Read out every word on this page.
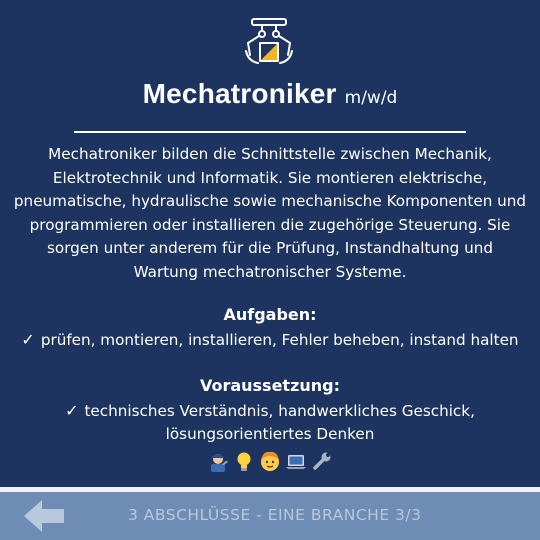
Mechatroniker m/w/d
Mechatroniker bilden die Schnittstelle zwischen Mechanik,
Elektrotechnik und Informatik. Sie montieren elektrische,
pneumatische, hydraulische sowie mechanische Komponenten und
programmieren oder installieren die zugehörige Steuerung. Sie
sorgen unter anderem für die Prüfung, Instandhaltung und
Wartung mechatronischer Systeme.
Aufgaben:
✓ prüfen, montieren, installieren, Fehler beheben, instand halten
Voraussetzung:
✓ technisches Verständnis, handwerkliches Geschick,
lösungsorientiertes Denken
3 ABSCHLÜSSE - EINE BRANCHE 3/3
